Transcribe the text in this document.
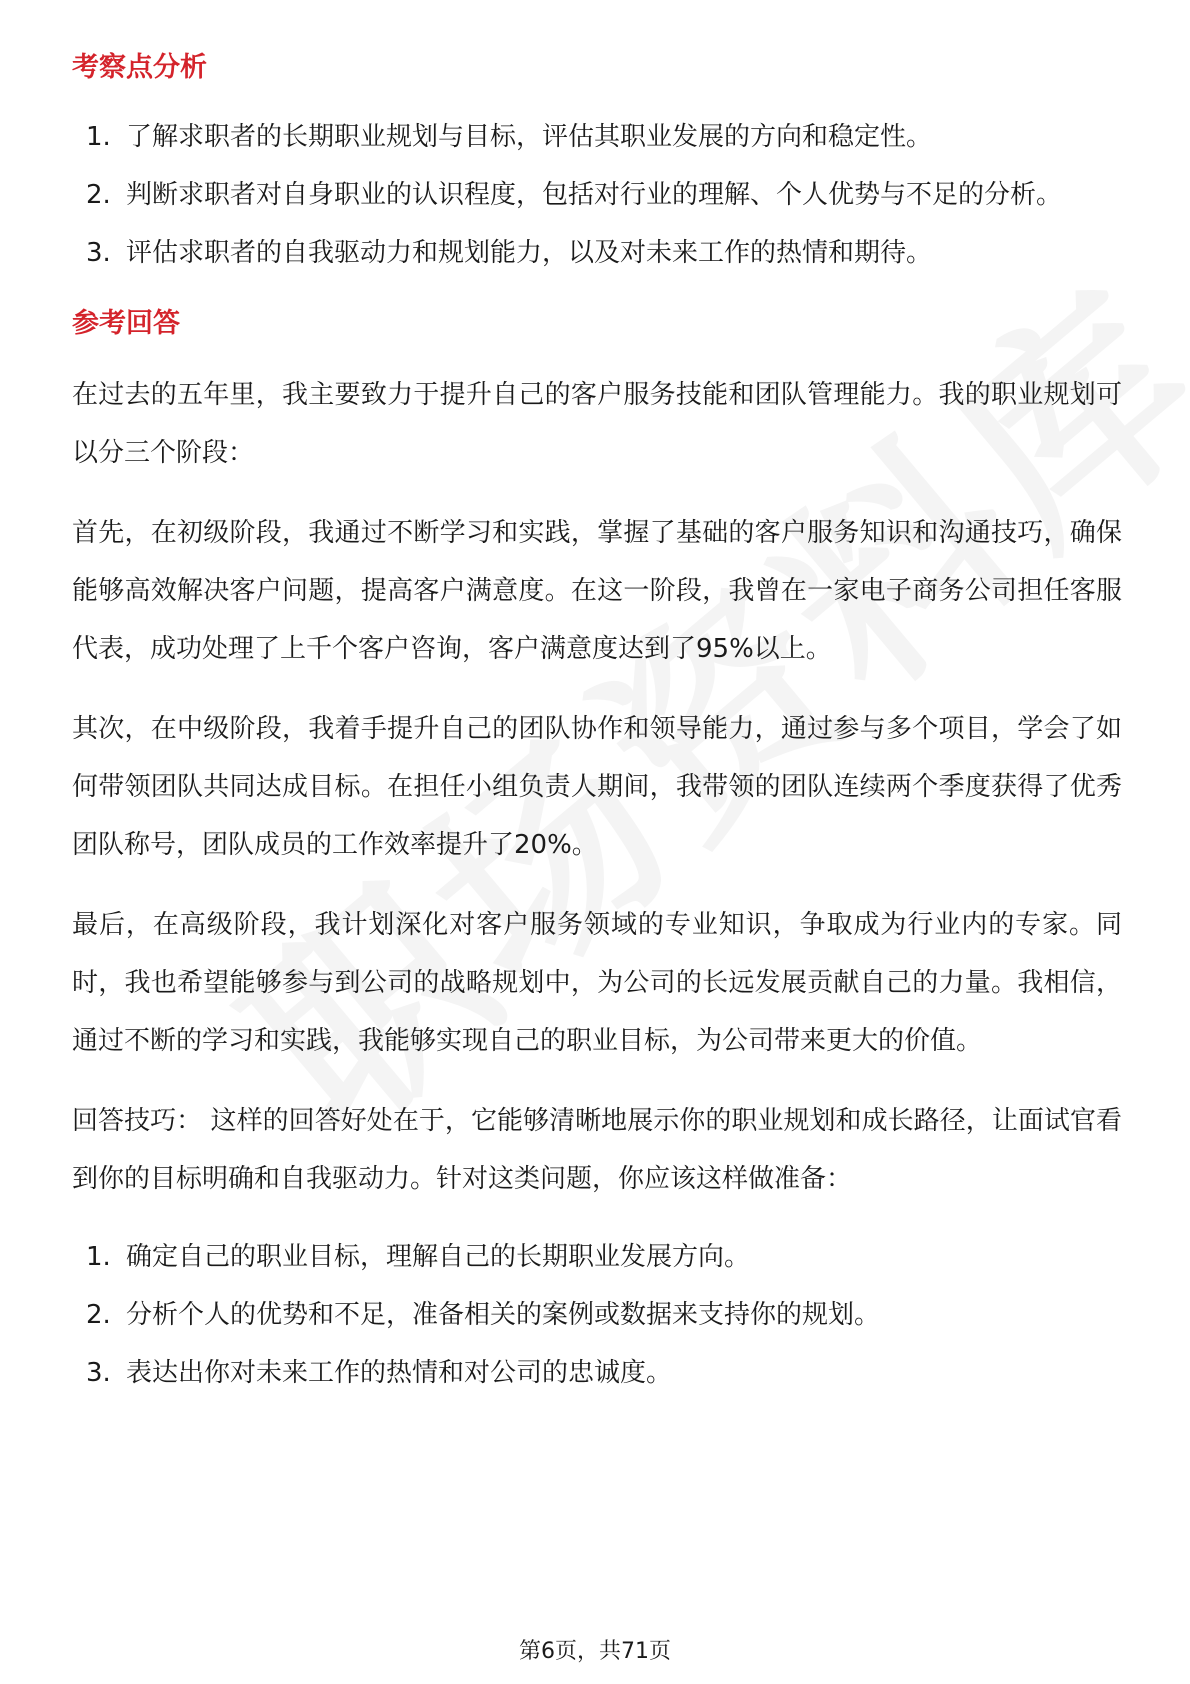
考察点分析
1. 了解求职者的长期职业规划与目标，评估其职业发展的方向和稳定性。
2. 判断求职者对自身职业的认识程度，包括对行业的理解、个人优势与不足的分析。
3. 评估求职者的自我驱动力和规划能力，以及对未来工作的热情和期待。
参考回答

在过去的五年里，我主要致力于提升自己的客户服务技能和团队管理能力。我的职业规划可以分三个阶段：

首先，在初级阶段，我通过不断学习和实践，掌握了基础的客户服务知识和沟通技巧，确保能够高效解决客户问题，提高客户满意度。在这一阶段，我曾在一家电子商务公司担任客服代表，成功处理了上千个客户咨询，客户满意度达到了95%以上。

其次，在中级阶段，我着手提升自己的团队协作和领导能力，通过参与多个项目，学会了如何带领团队共同达成目标。在担任小组负责人期间，我带领的团队连续两个季度获得了优秀团队称号，团队成员的工作效率提升了20%。

最后，在高级阶段，我计划深化对客户服务领域的专业知识，争取成为行业内的专家。同时，我也希望能够参与到公司的战略规划中，为公司的长远发展贡献自己的力量。我相信，通过不断的学习和实践，我能够实现自己的职业目标，为公司带来更大的价值。

回答技巧： 这样的回答好处在于，它能够清晰地展示你的职业规划和成长路径，让面试官看到你的目标明确和自我驱动力。针对这类问题，你应该这样做准备：

1. 确定自己的职业目标，理解自己的长期职业发展方向。
2. 分析个人的优势和不足，准备相关的案例或数据来支持你的规划。
3. 表达出你对未来工作的热情和对公司的忠诚度。
第6页，共71页
